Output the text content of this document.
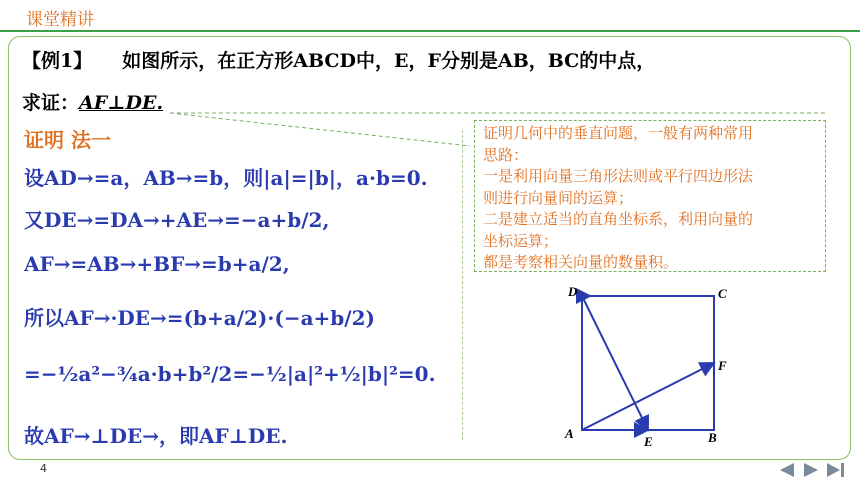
课堂精讲
【例1】 如图所示，在正方形ABCD中，E，F分别是AB，BC的中点，
求证：AF⊥DE.
证明 法一
设AD→=a，AB→=b，则|a|=|b|，a·b=0.
又DE→=DA→+AE→=−a+b/2,
AF→=AB→+BF→=b+a/2,
所以AF→·DE→=(b+a/2)·(−a+b/2)
=−½a²−¾a·b+b²/2=−½|a|²+½|b|²=0.
故AF→⊥DE→，即AF⊥DE.
证明几何中的垂直问题，一般有两种常用
思路：
一是利用向量三角形法则或平行四边形法
则进行向量间的运算；
二是建立适当的直角坐标系，利用向量的
坐标运算；
都是考察相关向量的数量积。
D	C
A	B
E
F
4
